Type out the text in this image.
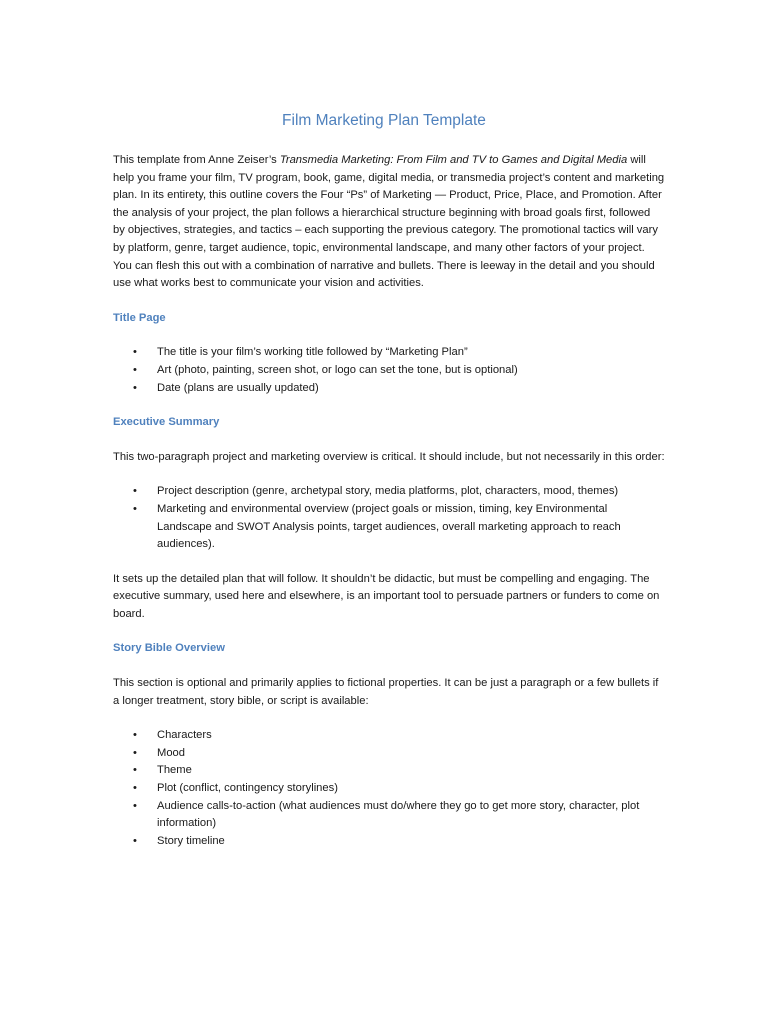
Film Marketing Plan Template

This template from Anne Zeiser’s Transmedia Marketing: From Film and TV to Games and Digital Media will help you frame your film, TV program, book, game, digital media, or transmedia project’s content and marketing plan. In its entirety, this outline covers the Four “Ps” of Marketing — Product, Price, Place, and Promotion. After the analysis of your project, the plan follows a hierarchical structure beginning with broad goals first, followed by objectives, strategies, and tactics – each supporting the previous category. The promotional tactics will vary by platform, genre, target audience, topic, environmental landscape, and many other factors of your project. You can flesh this out with a combination of narrative and bullets. There is leeway in the detail and you should use what works best to communicate your vision and activities.

Title Page

• The title is your film’s working title followed by “Marketing Plan”
• Art (photo, painting, screen shot, or logo can set the tone, but is optional)
• Date (plans are usually updated)

Executive Summary

This two-paragraph project and marketing overview is critical. It should include, but not necessarily in this order:

• Project description (genre, archetypal story, media platforms, plot, characters, mood, themes)
• Marketing and environmental overview (project goals or mission, timing, key Environmental Landscape and SWOT Analysis points, target audiences, overall marketing approach to reach audiences).

It sets up the detailed plan that will follow. It shouldn’t be didactic, but must be compelling and engaging. The executive summary, used here and elsewhere, is an important tool to persuade partners or funders to come on board.

Story Bible Overview

This section is optional and primarily applies to fictional properties. It can be just a paragraph or a few bullets if a longer treatment, story bible, or script is available:

• Characters
• Mood
• Theme
• Plot (conflict, contingency storylines)
• Audience calls-to-action (what audiences must do/where they go to get more story, character, plot information)
• Story timeline
